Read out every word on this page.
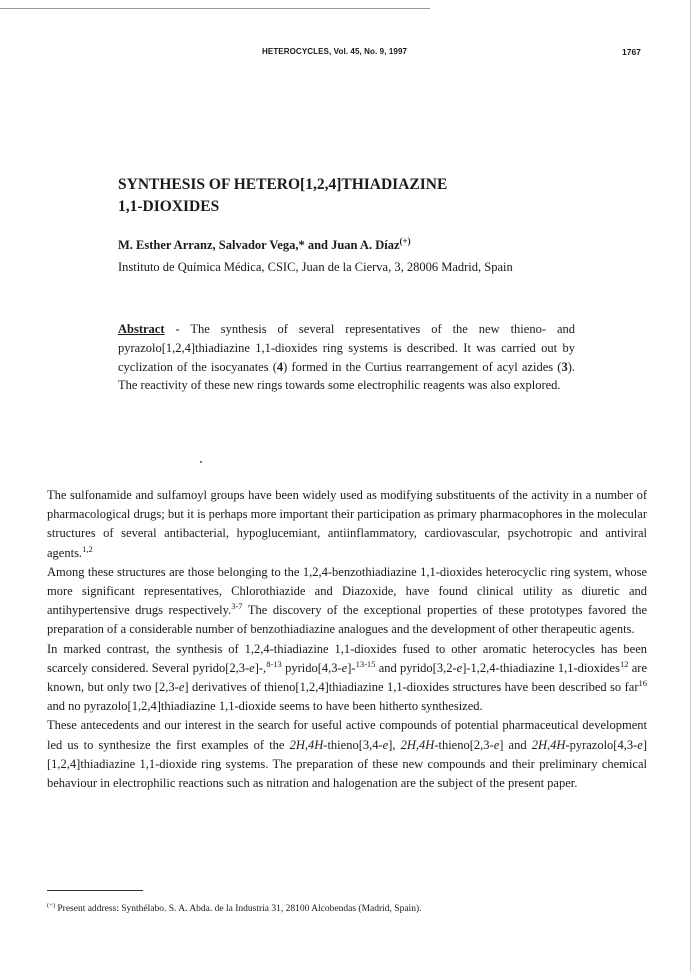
HETEROCYCLES, Vol. 45, No. 9, 1997	1767
SYNTHESIS OF HETERO[1,2,4]THIADIAZINE
1,1-DIOXIDES
M. Esther Arranz, Salvador Vega,* and Juan A. Díaz(+)
Instituto de Química Médica, CSIC, Juan de la Cierva, 3, 28006 Madrid, Spain

Abstract - The synthesis of several representatives of the new thieno- and pyrazolo[1,2,4]thiadiazine 1,1-dioxides ring systems is described. It was carried out by cyclization of the isocyanates (4) formed in the Curtius rearrangement of acyl azides (3). The reactivity of these new rings towards some electrophilic reagents was also explored.

The sulfonamide and sulfamoyl groups have been widely used as modifying substituents of the activity in a number of pharmacological drugs; but it is perhaps more important their participation as primary pharmacophores in the molecular structures of several antibacterial, hypoglucemiant, antiinflammatory, cardiovascular, psychotropic and antiviral agents.$^{1,2}$

Among these structures are those belonging to the 1,2,4-benzothiadiazine 1,1-dioxides heterocyclic ring system, whose more significant representatives, Chlorothiazide and Diazoxide, have found clinical utility as diuretic and antihypertensive drugs respectively.$^{3-7}$ The discovery of the exceptional properties of these prototypes favored the preparation of a considerable number of benzothiadiazine analogues and the development of other therapeutic agents.

In marked contrast, the synthesis of 1,2,4-thiadiazine 1,1-dioxides fused to other aromatic heterocycles has been scarcely considered. Several pyrido[2,3-e]-,$^{8-13}$ pyrido[4,3-e]-$^{13-15}$ and pyrido[3,2-e]-1,2,4-thiadiazine 1,1-dioxides$^{12}$ are known, but only two [2,3-e] derivatives of thieno[1,2,4]thiadiazine 1,1-dioxides structures have been described so far$^{16}$ and no pyrazolo[1,2,4]thiadiazine 1,1-dioxide seems to have been hitherto synthesized.

These antecedents and our interest in the search for useful active compounds of potential pharmaceutical development led us to synthesize the first examples of the 2H,4H-thieno[3,4-e], 2H,4H-thieno[2,3-e] and 2H,4H-pyrazolo[4,3-e][1,2,4]thiadiazine 1,1-dioxide ring systems. The preparation of these new compounds and their preliminary chemical behaviour in electrophilic reactions such as nitration and halogenation are the subject of the present paper.

(+) Present address: Synthélabo. S. A. Abda. de la Industria 31, 28100 Alcobendas (Madrid, Spain).
